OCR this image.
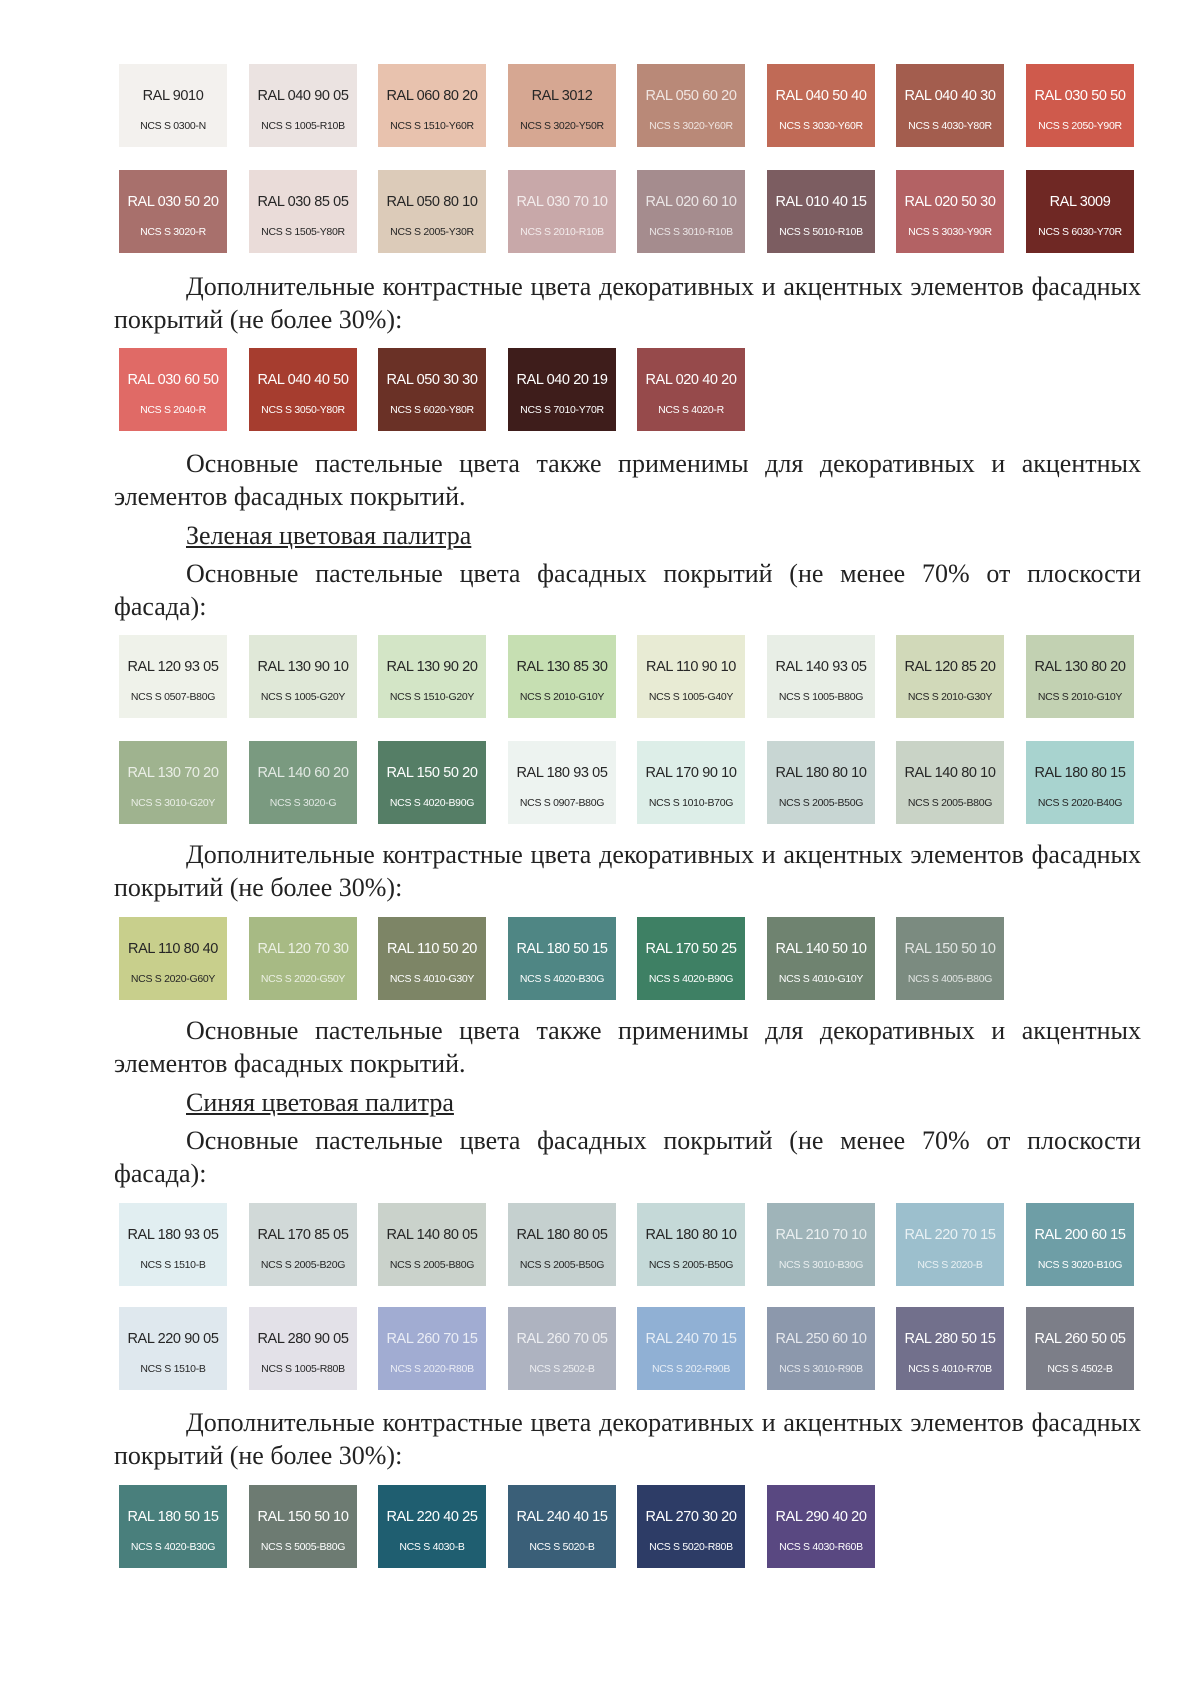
RAL 9010
NCS S 0300-N
RAL 040 90 05
NCS S 1005-R10B
RAL 060 80 20
NCS S 1510-Y60R
RAL 3012
NCS S 3020-Y50R
RAL 050 60 20
NCS S 3020-Y60R
RAL 040 50 40
NCS S 3030-Y60R
RAL 040 40 30
NCS S 4030-Y80R
RAL 030 50 50
NCS S 2050-Y90R
RAL 030 50 20
NCS S 3020-R
RAL 030 85 05
NCS S 1505-Y80R
RAL 050 80 10
NCS S 2005-Y30R
RAL 030 70 10
NCS S 2010-R10B
RAL 020 60 10
NCS S 3010-R10B
RAL 010 40 15
NCS S 5010-R10B
RAL 020 50 30
NCS S 3030-Y90R
RAL 3009
NCS S 6030-Y70R

Дополнительные контрастные цвета декоративных и акцентных элементов фасадных покрытий (не более 30%):

RAL 030 60 50
NCS S 2040-R
RAL 040 40 50
NCS S 3050-Y80R
RAL 050 30 30
NCS S 6020-Y80R
RAL 040 20 19
NCS S 7010-Y70R
RAL 020 40 20
NCS S 4020-R

Основные пастельные цвета также применимы для декоративных и акцентных элементов фасадных покрытий.

Зеленая цветовая палитра

Основные пастельные цвета фасадных покрытий (не менее 70% от плоскости фасада):

RAL 120 93 05
NCS S 0507-B80G
RAL 130 90 10
NCS S 1005-G20Y
RAL 130 90 20
NCS S 1510-G20Y
RAL 130 85 30
NCS S 2010-G10Y
RAL 110 90 10
NCS S 1005-G40Y
RAL 140 93 05
NCS S 1005-B80G
RAL 120 85 20
NCS S 2010-G30Y
RAL 130 80 20
NCS S 2010-G10Y
RAL 130 70 20
NCS S 3010-G20Y
RAL 140 60 20
NCS S 3020-G
RAL 150 50 20
NCS S 4020-B90G
RAL 180 93 05
NCS S 0907-B80G
RAL 170 90 10
NCS S 1010-B70G
RAL 180 80 10
NCS S 2005-B50G
RAL 140 80 10
NCS S 2005-B80G
RAL 180 80 15
NCS S 2020-B40G

Дополнительные контрастные цвета декоративных и акцентных элементов фасадных покрытий (не более 30%):

RAL 110 80 40
NCS S 2020-G60Y
RAL 120 70 30
NCS S 2020-G50Y
RAL 110 50 20
NCS S 4010-G30Y
RAL 180 50 15
NCS S 4020-B30G
RAL 170 50 25
NCS S 4020-B90G
RAL 140 50 10
NCS S 4010-G10Y
RAL 150 50 10
NCS S 4005-B80G

Основные пастельные цвета также применимы для декоративных и акцентных элементов фасадных покрытий.

Синяя цветовая палитра

Основные пастельные цвета фасадных покрытий (не менее 70% от плоскости фасада):

RAL 180 93 05
NCS S 1510-B
RAL 170 85 05
NCS S 2005-B20G
RAL 140 80 05
NCS S 2005-B80G
RAL 180 80 05
NCS S 2005-B50G
RAL 180 80 10
NCS S 2005-B50G
RAL 210 70 10
NCS S 3010-B30G
RAL 220 70 15
NCS S 2020-B
RAL 200 60 15
NCS S 3020-B10G
RAL 220 90 05
NCS S 1510-B
RAL 280 90 05
NCS S 1005-R80B
RAL 260 70 15
NCS S 2020-R80B
RAL 260 70 05
NCS S 2502-B
RAL 240 70 15
NCS S 202-R90B
RAL 250 60 10
NCS S 3010-R90B
RAL 280 50 15
NCS S 4010-R70B
RAL 260 50 05
NCS S 4502-B

Дополнительные контрастные цвета декоративных и акцентных элементов фасадных покрытий (не более 30%):

RAL 180 50 15
NCS S 4020-B30G
RAL 150 50 10
NCS S 5005-B80G
RAL 220 40 25
NCS S 4030-B
RAL 240 40 15
NCS S 5020-B
RAL 270 30 20
NCS S 5020-R80B
RAL 290 40 20
NCS S 4030-R60B
